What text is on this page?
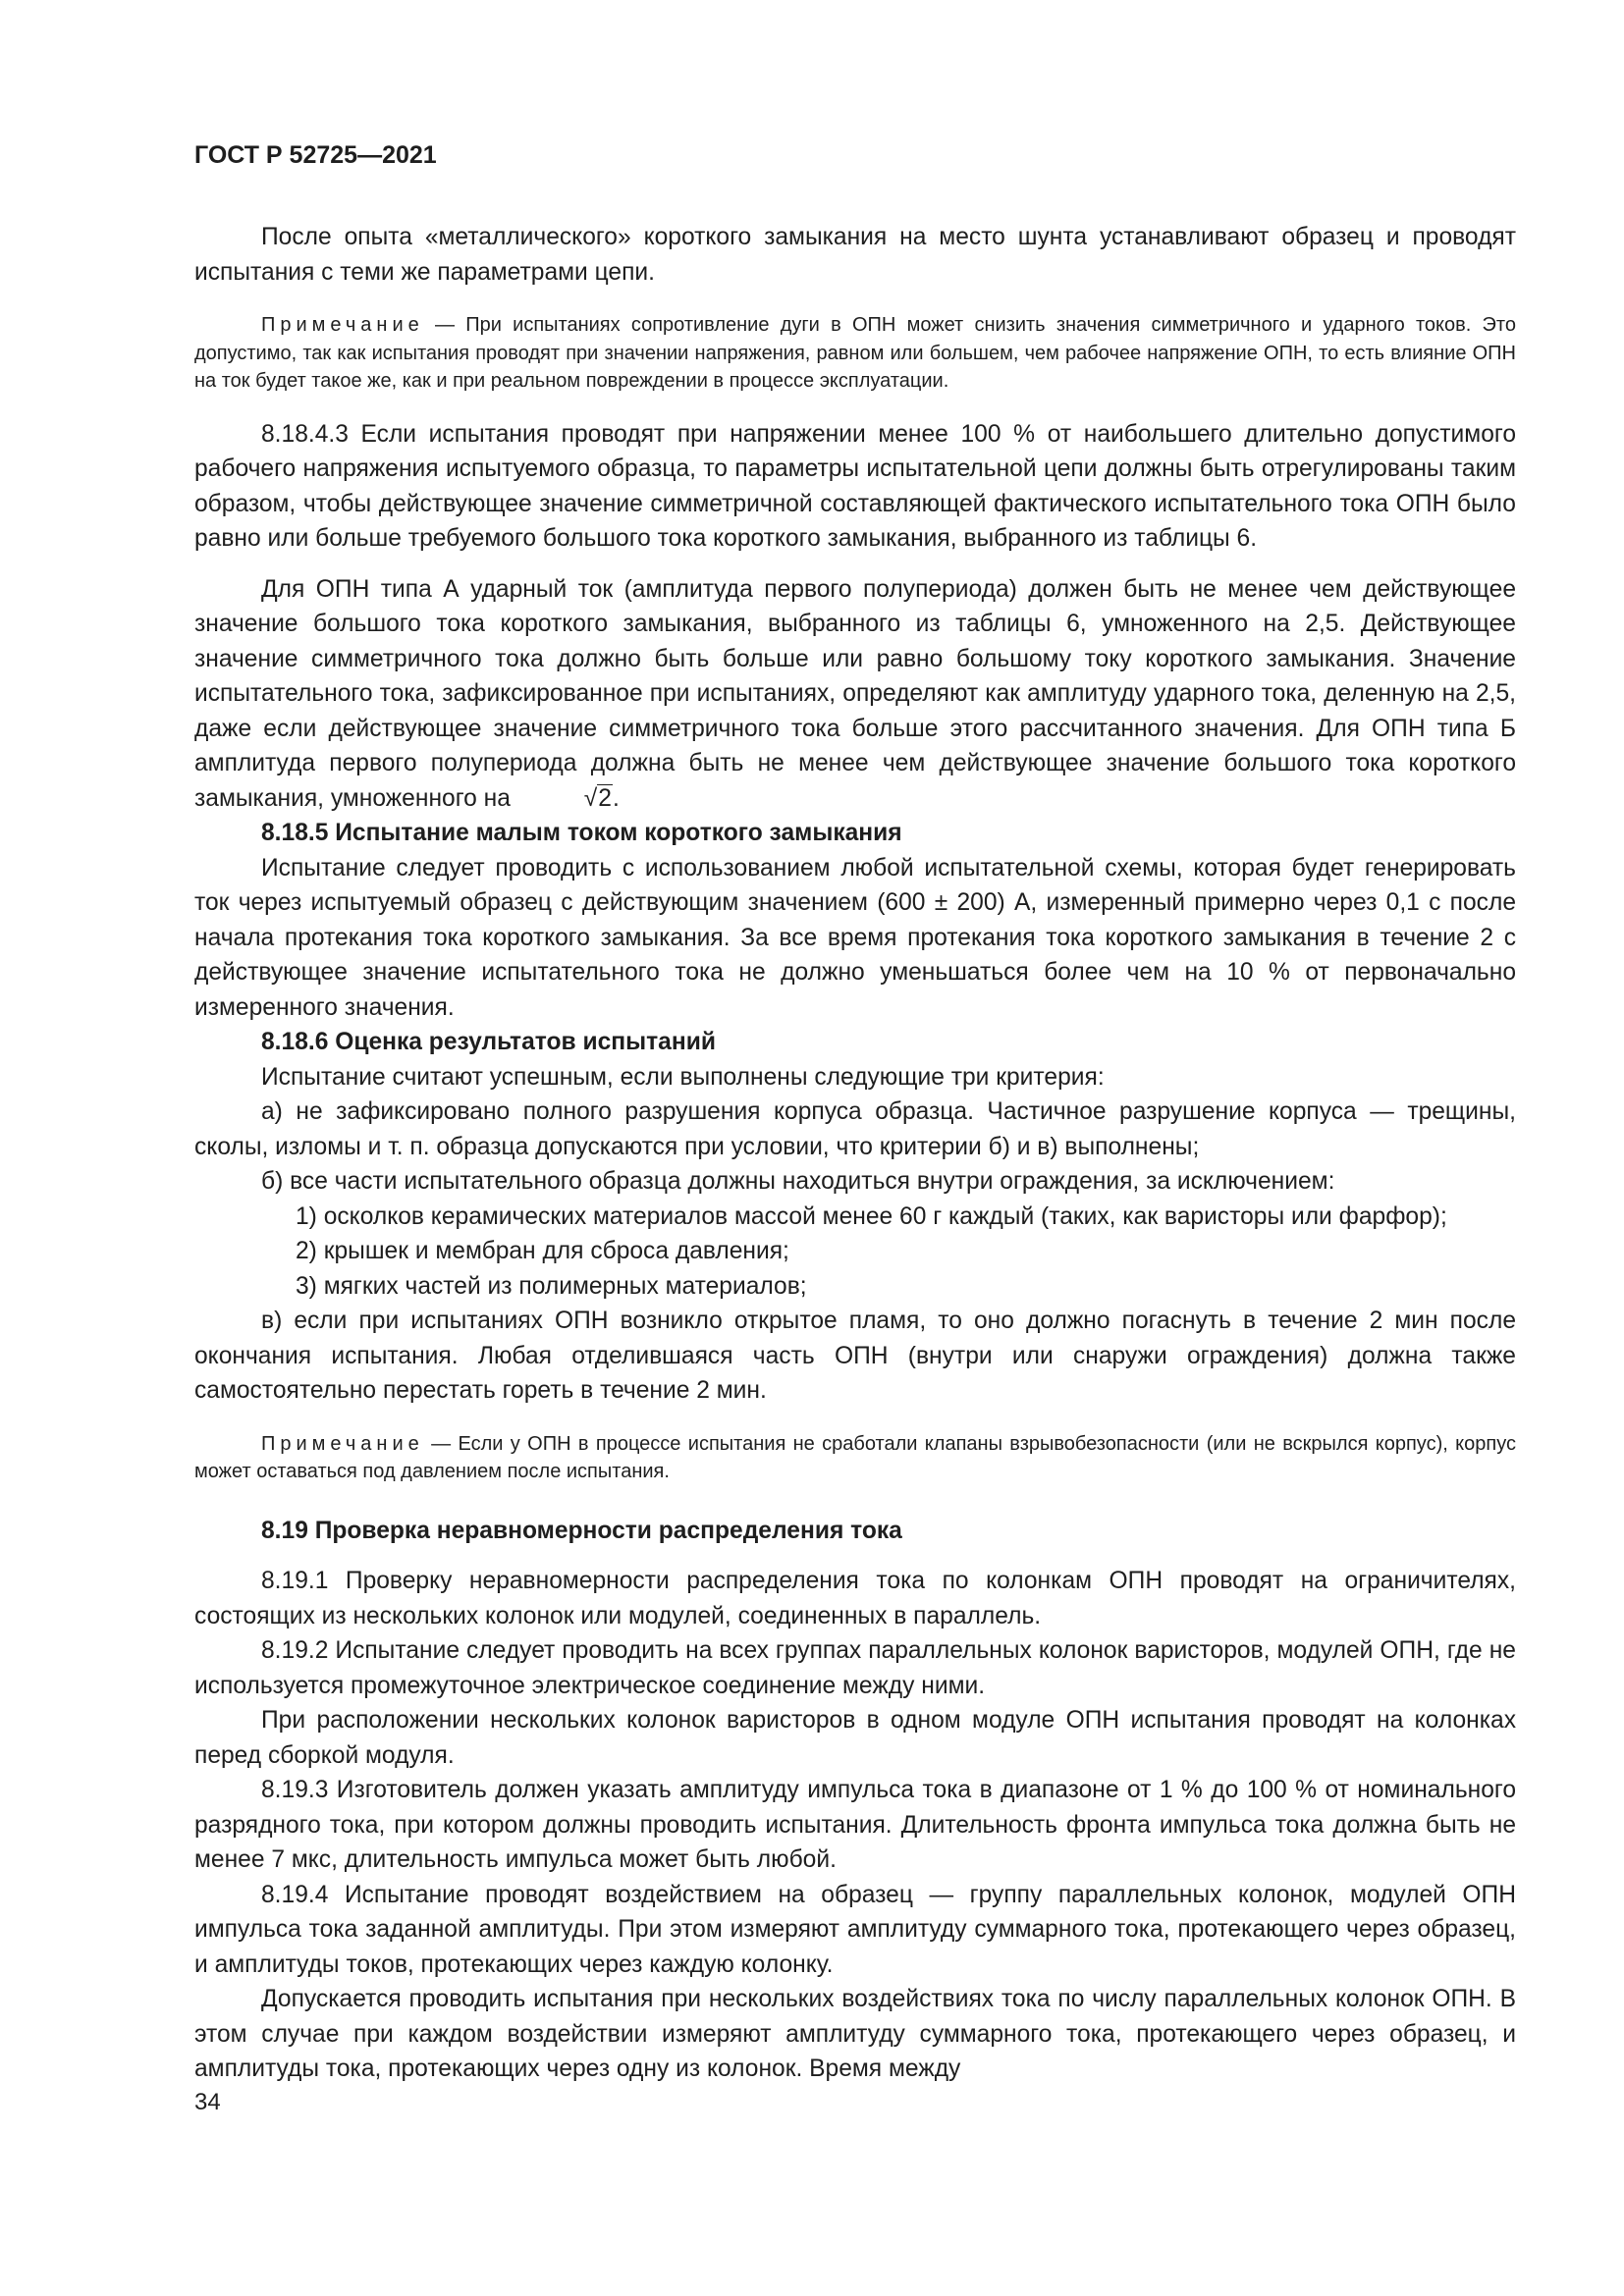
ГОСТ Р 52725—2021

После опыта «металлического» короткого замыкания на место шунта устанавливают образец и проводят испытания с теми же параметрами цепи.

Примечание — При испытаниях сопротивление дуги в ОПН может снизить значения симметричного и ударного токов. Это допустимо, так как испытания проводят при значении напряжения, равном или большем, чем рабочее напряжение ОПН, то есть влияние ОПН на ток будет такое же, как и при реальном повреждении в процессе эксплуатации.

8.18.4.3 Если испытания проводят при напряжении менее 100 % от наибольшего длительно допустимого рабочего напряжения испытуемого образца, то параметры испытательной цепи должны быть отрегулированы таким образом, чтобы действующее значение симметричной составляющей фактического испытательного тока ОПН было равно или больше требуемого большого тока короткого замыкания, выбранного из таблицы 6.

Для ОПН типа А ударный ток (амплитуда первого полупериода) должен быть не менее чем действующее значение большого тока короткого замыкания, выбранного из таблицы 6, умноженного на 2,5. Действующее значение симметричного тока должно быть больше или равно большому току короткого замыкания. Значение испытательного тока, зафиксированное при испытаниях, определяют как амплитуду ударного тока, деленную на 2,5, даже если действующее значение симметричного тока больше этого рассчитанного значения. Для ОПН типа Б амплитуда первого полупериода должна быть не менее чем действующее значение большого тока короткого замыкания, умноженного на	√2.

8.18.5 Испытание малым током короткого замыкания

Испытание следует проводить с использованием любой испытательной схемы, которая будет генерировать ток через испытуемый образец с действующим значением (600 ± 200) А, измеренный примерно через 0,1 с после начала протекания тока короткого замыкания. За все время протекания тока короткого замыкания в течение 2 с действующее значение испытательного тока не должно уменьшаться более чем на 10 % от первоначально измеренного значения.

8.18.6 Оценка результатов испытаний

Испытание считают успешным, если выполнены следующие три критерия:

а) не зафиксировано полного разрушения корпуса образца. Частичное разрушение корпуса — трещины, сколы, изломы и т. п. образца допускаются при условии, что критерии б) и в) выполнены;

б) все части испытательного образца должны находиться внутри ограждения, за исключением:

1) осколков керамических материалов массой менее 60 г каждый (таких, как варисторы или фарфор);

2) крышек и мембран для сброса давления;

3) мягких частей из полимерных материалов;

в) если при испытаниях ОПН возникло открытое пламя, то оно должно погаснуть в течение 2 мин после окончания испытания. Любая отделившаяся часть ОПН (внутри или снаружи ограждения) должна также самостоятельно перестать гореть в течение 2 мин.

Примечание — Если у ОПН в процессе испытания не сработали клапаны взрывобезопасности (или не вскрылся корпус), корпус может оставаться под давлением после испытания.

8.19 Проверка неравномерности распределения тока

8.19.1 Проверку неравномерности распределения тока по колонкам ОПН проводят на ограничителях, состоящих из нескольких колонок или модулей, соединенных в параллель.

8.19.2 Испытание следует проводить на всех группах параллельных колонок варисторов, модулей ОПН, где не используется промежуточное электрическое соединение между ними.

При расположении нескольких колонок варисторов в одном модуле ОПН испытания проводят на колонках перед сборкой модуля.

8.19.3 Изготовитель должен указать амплитуду импульса тока в диапазоне от 1 % до 100 % от номинального разрядного тока, при котором должны проводить испытания. Длительность фронта импульса тока должна быть не менее 7 мкс, длительность импульса может быть любой.

8.19.4 Испытание проводят воздействием на образец — группу параллельных колонок, модулей ОПН импульса тока заданной амплитуды. При этом измеряют амплитуду суммарного тока, протекающего через образец, и амплитуды токов, протекающих через каждую колонку.

Допускается проводить испытания при нескольких воздействиях тока по числу параллельных колонок ОПН. В этом случае при каждом воздействии измеряют амплитуду суммарного тока, протекающего через образец, и амплитуды тока, протекающих через одну из колонок. Время между

34
